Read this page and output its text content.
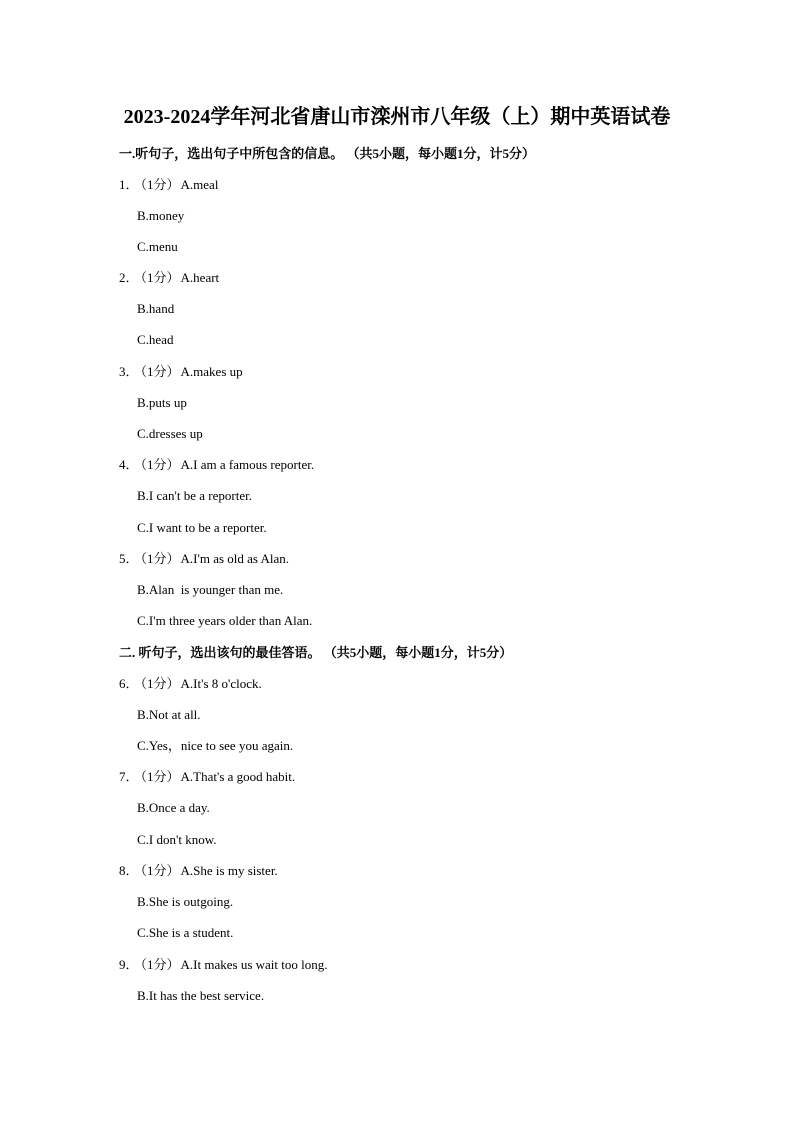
2023-2024学年河北省唐山市滦州市八年级（上）期中英语试卷
一.听句子，选出句子中所包含的信息。 （共5小题，每小题1分，计5分）
1． （1分）A.meal
B.money
C.menu
2． （1分）A.heart
B.hand
C.head
3． （1分）A.makes up
B.puts up
C.dresses up
4． （1分）A.I am a famous reporter.
B.I can't be a reporter.
C.I want to be a reporter.
5． （1分）A.I'm as old as Alan.
B.Alan  is younger than me.
C.I'm three years older than Alan.
二. 听句子，选出该句的最佳答语。 （共5小题，每小题1分，计5分）
6． （1分）A.It's 8 o'clock.
B.Not at all.
C.Yes，nice to see you again.
7． （1分）A.That's a good habit.
B.Once a day.
C.I don't know.
8． （1分）A.She is my sister.
B.She is outgoing.
C.She is a student.
9． （1分）A.It makes us wait too long.
B.It has the best service.
